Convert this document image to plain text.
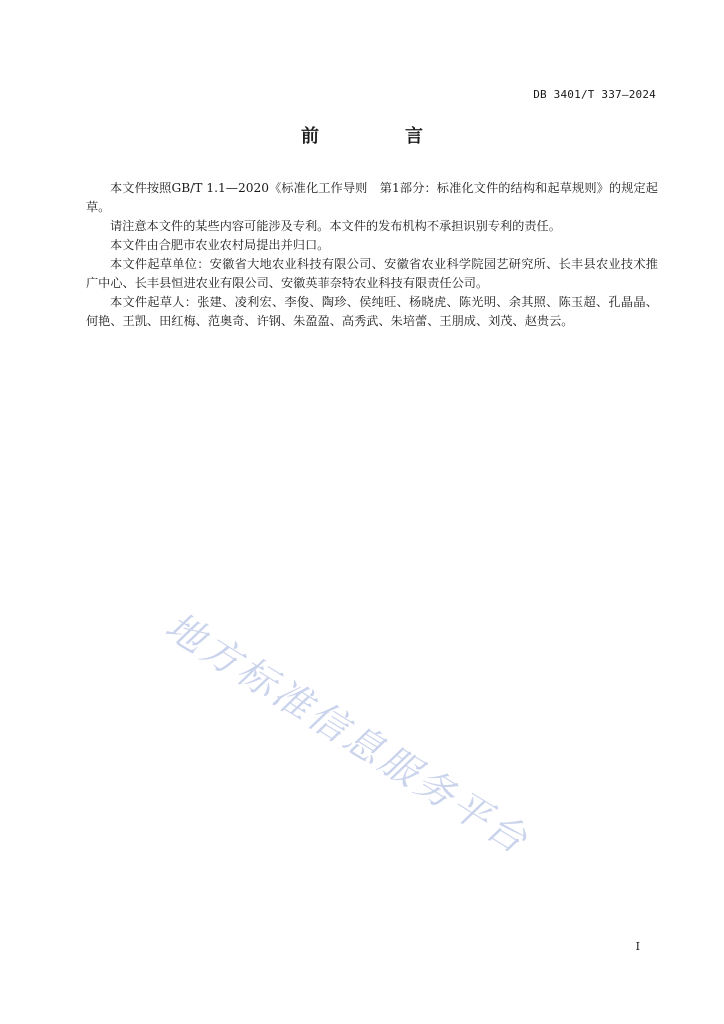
DB 3401/T 337—2024
前　言

本文件按照GB/T 1.1—2020《标准化工作导则　第1部分：标准化文件的结构和起草规则》的规定起草。

请注意本文件的某些内容可能涉及专利。本文件的发布机构不承担识别专利的责任。

本文件由合肥市农业农村局提出并归口。

本文件起草单位：安徽省大地农业科技有限公司、安徽省农业科学院园艺研究所、长丰县农业技术推广中心、长丰县恒进农业有限公司、安徽英菲奈特农业科技有限责任公司。

本文件起草人：张建、凌利宏、李俊、陶珍、侯纯旺、杨晓虎、陈光明、余其照、陈玉超、孔晶晶、何艳、王凯、田红梅、范奥奇、许钢、朱盈盈、高秀武、朱培蕾、王朋成、刘茂、赵贵云。

地方标准信息服务平台
I
